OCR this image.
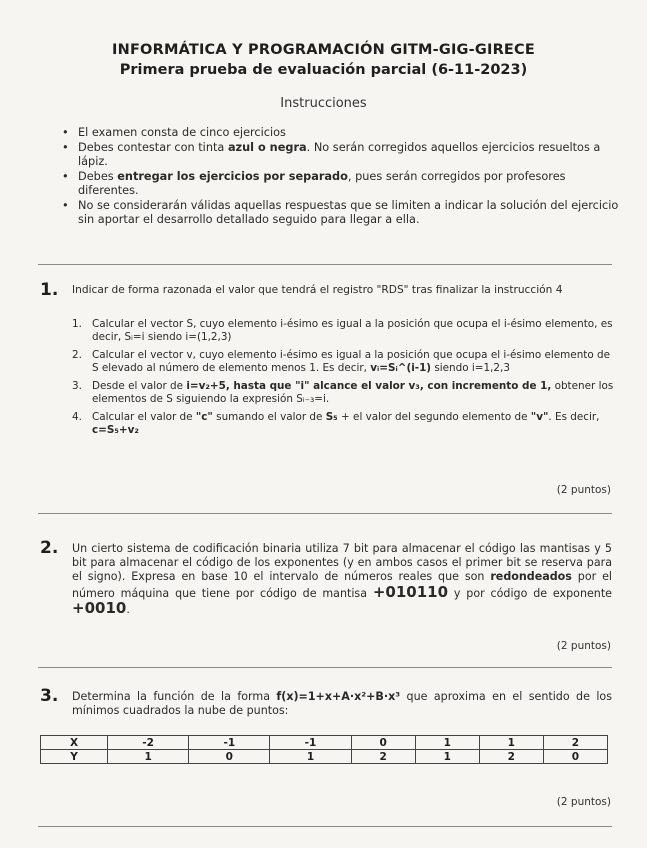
INFORMÁTICA Y PROGRAMACIÓN GITM-GIG-GIRECE
Primera prueba de evaluación parcial (6-11-2023)
Instrucciones
• El examen consta de cinco ejercicios
• Debes contestar con tinta azul o negra. No serán corregidos aquellos ejercicios resueltos a lápiz.
• Debes entregar los ejercicios por separado, pues serán corregidos por profesores diferentes.
• No se considerarán válidas aquellas respuestas que se limiten a indicar la solución del ejercicio sin aportar el desarrollo detallado seguido para llegar a ella.
1. Indicar de forma razonada el valor que tendrá el registro "RDS" tras finalizar la instrucción 4
1. Calcular el vector S, cuyo elemento i-ésimo es igual a la posición que ocupa el i-ésimo elemento, es decir, Sᵢ=i siendo i=(1,2,3)
2. Calcular el vector v, cuyo elemento i-ésimo es igual a la posición que ocupa el i-ésimo elemento de S elevado al número de elemento menos 1. Es decir, vᵢ=Sᵢ^(i-1) siendo i=1,2,3
3. Desde el valor de i=v₂+5, hasta que "i" alcance el valor v₃, con incremento de 1, obtener los elementos de S siguiendo la expresión Sᵢ₋₃=i.
4. Calcular el valor de "c" sumando el valor de S₅ + el valor del segundo elemento de "v". Es decir, c=S₅+v₂
(2 puntos)
2. Un cierto sistema de codificación binaria utiliza 7 bit para almacenar el código las mantisas y 5 bit para almacenar el código de los exponentes (y en ambos casos el primer bit se reserva para el signo). Expresa en base 10 el intervalo de números reales que son redondeados por el número máquina que tiene por código de mantisa +010110 y por código de exponente +0010.
(2 puntos)
3. Determina la función de la forma f(x)=1+x+A·x²+B·x³ que aproxima en el sentido de los mínimos cuadrados la nube de puntos:
X	-2	-1	-1	0	1	1	2
Y	1	0	1	2	1	2	0
(2 puntos)
